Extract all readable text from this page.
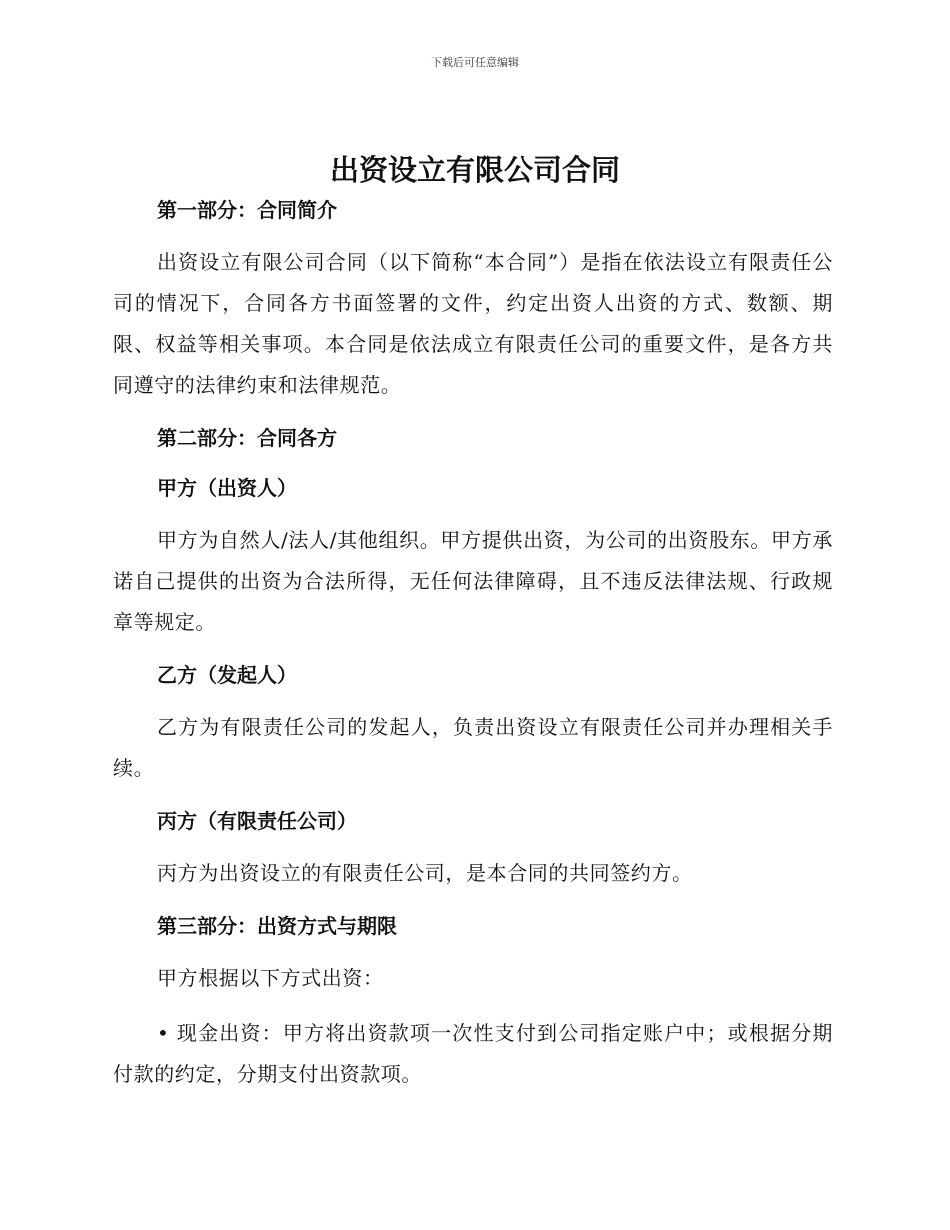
下载后可任意编辑
出资设立有限公司合同
第一部分：合同简介
出资设立有限公司合同（以下简称“本合同”）是指在依法设立有限责任公司的情况下，合同各方书面签署的文件，约定出资人出资的方式、数额、期限、权益等相关事项。本合同是依法成立有限责任公司的重要文件，是各方共同遵守的法律约束和法律规范。
第二部分：合同各方
甲方（出资人）
甲方为自然人/法人/其他组织。甲方提供出资，为公司的出资股东。甲方承诺自己提供的出资为合法所得，无任何法律障碍，且不违反法律法规、行政规章等规定。
乙方（发起人）
乙方为有限责任公司的发起人，负责出资设立有限责任公司并办理相关手续。
丙方（有限责任公司）
丙方为出资设立的有限责任公司，是本合同的共同签约方。
第三部分：出资方式与期限
甲方根据以下方式出资：
• 现金出资：甲方将出资款项一次性支付到公司指定账户中；或根据分期付款的约定，分期支付出资款项。
